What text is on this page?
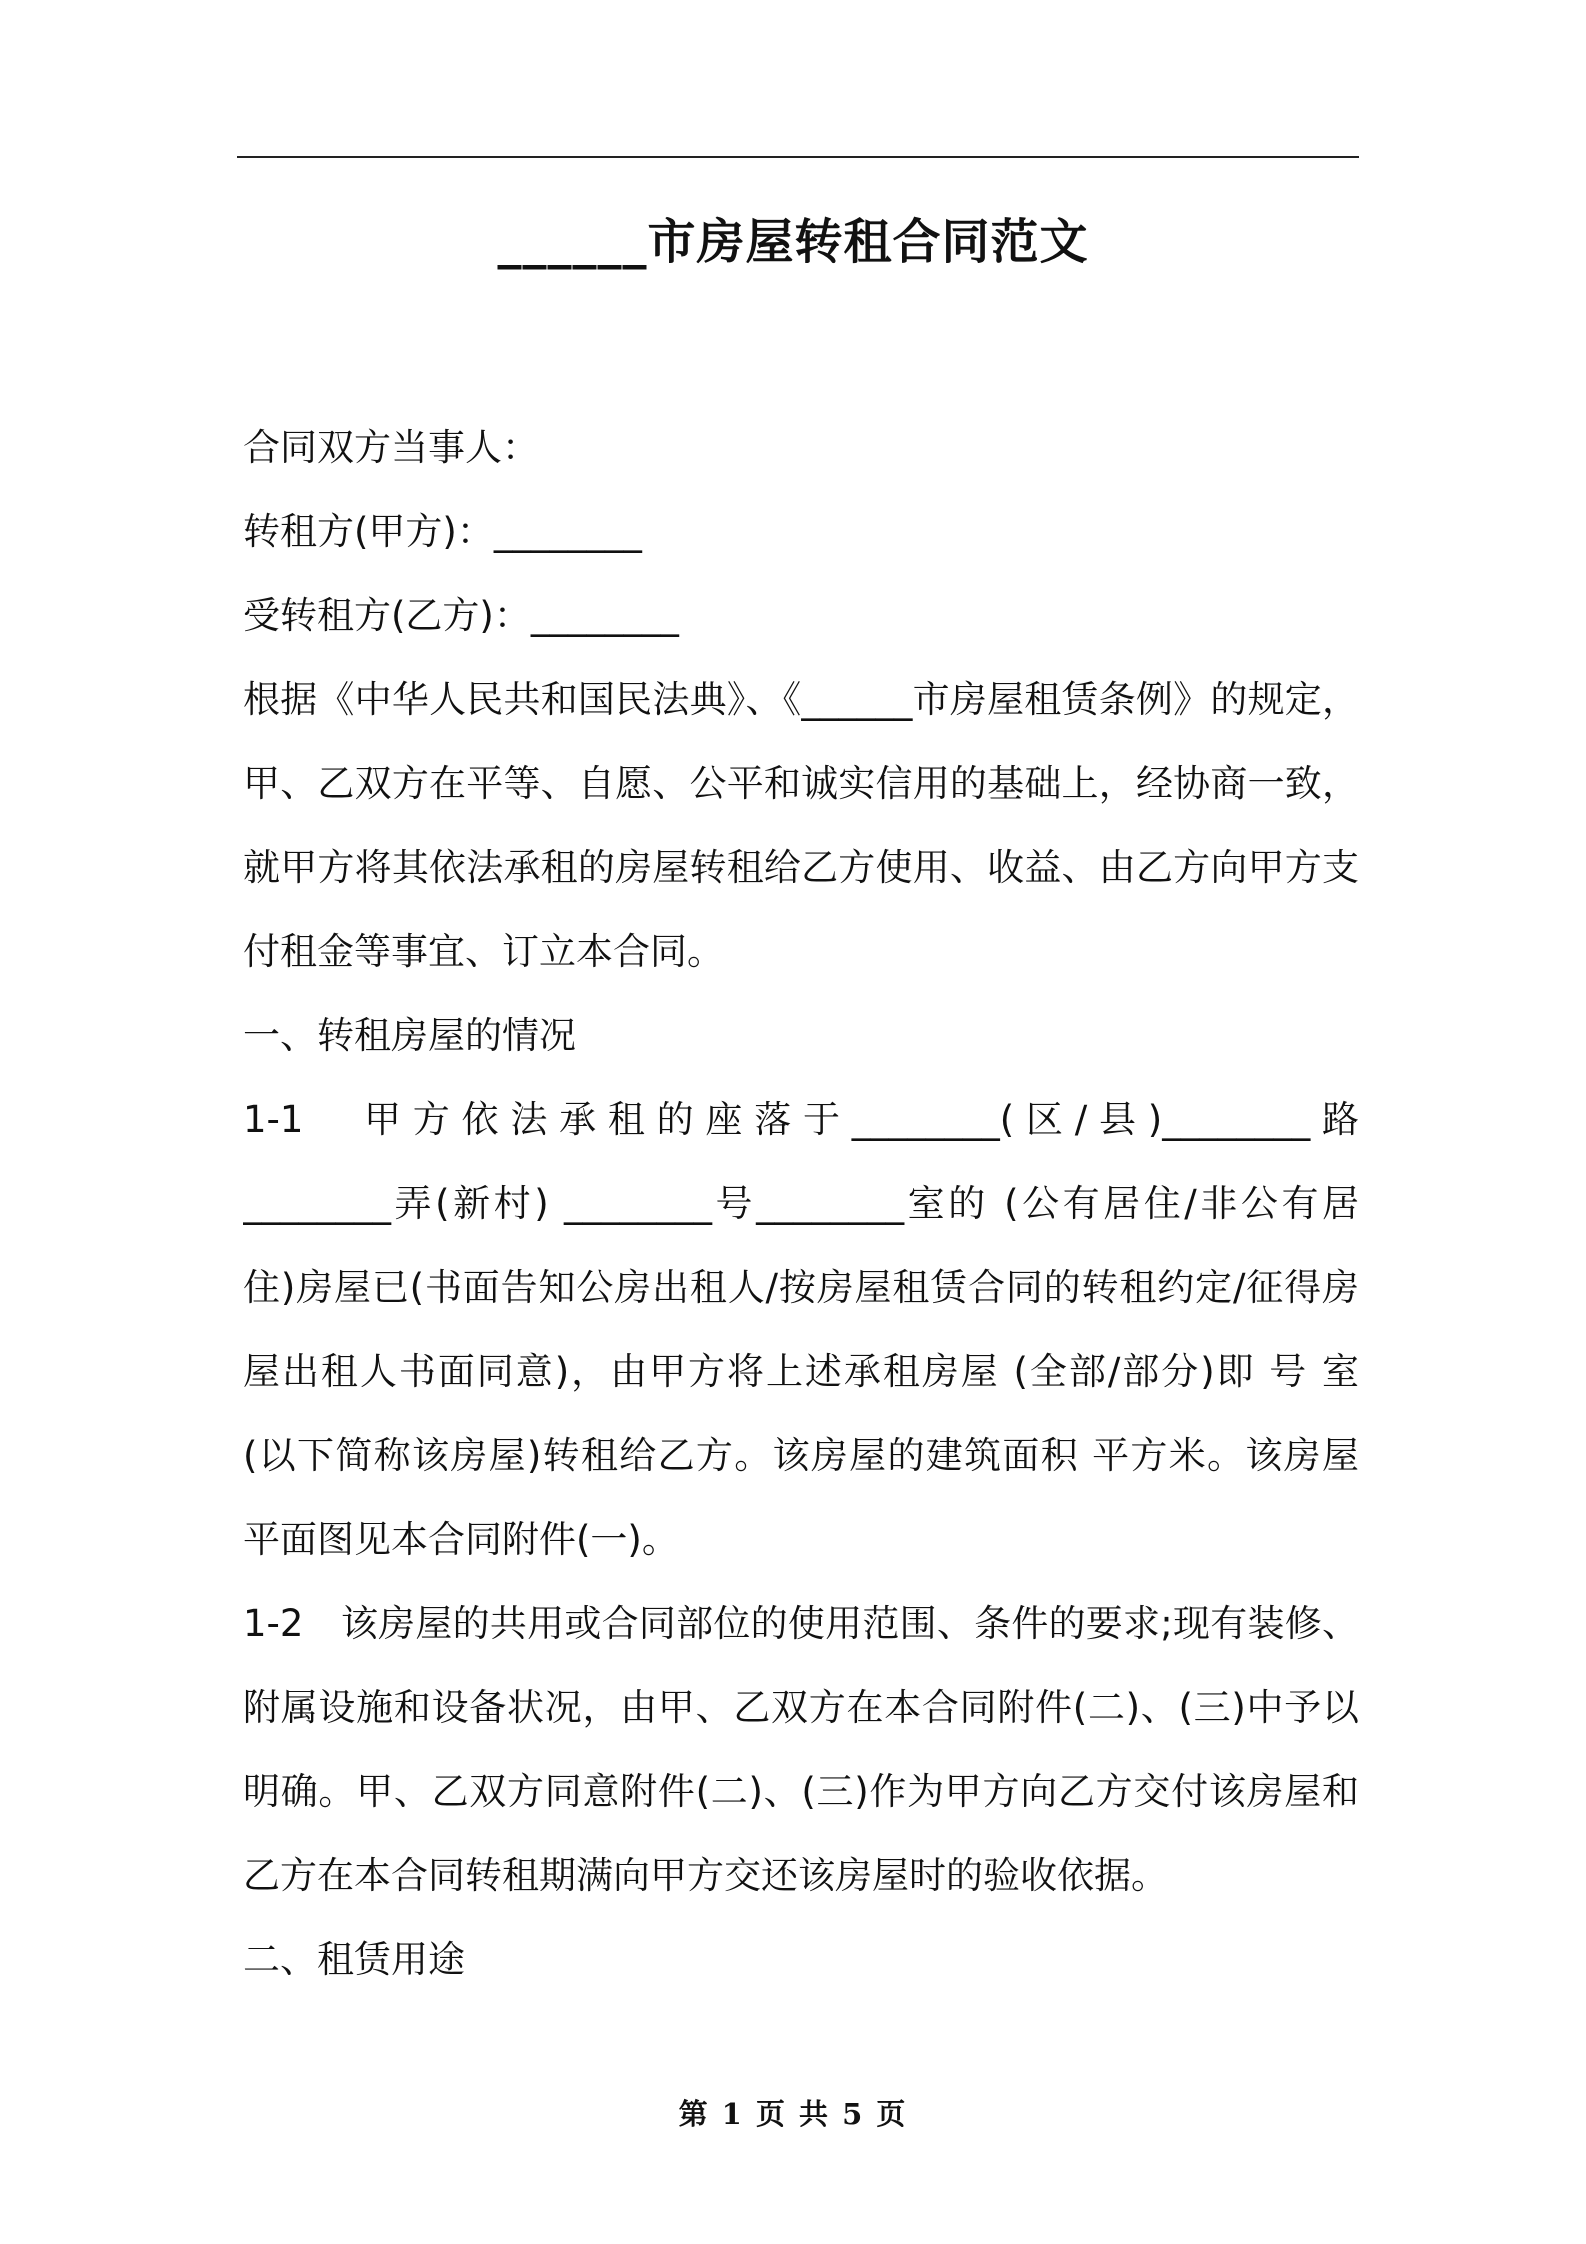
______市房屋转租合同范文
合同双方当事人：
转租方(甲方)：________
受转租方(乙方)：________
根据《中华人民共和国民法典》、《______市房屋租赁条例》的规定，
甲、乙双方在平等、自愿、公平和诚实信用的基础上，经协商一致，
就甲方将其依法承租的房屋转租给乙方使用、收益、由乙方向甲方支
付租金等事宜、订立本合同。
一、转租房屋的情况
1-1　甲方依法承租的座落于________(区/县)________路
________弄(新村) ________号________室的 (公有居住/非公有居
住)房屋已(书面告知公房出租人/按房屋租赁合同的转租约定/征得房
屋出租人书面同意)，由甲方将上述承租房屋 (全部/部分)即 号 室
(以下简称该房屋)转租给乙方。该房屋的建筑面积 平方米。该房屋
平面图见本合同附件(一)。
1-2　该房屋的共用或合同部位的使用范围、条件的要求;现有装修、
附属设施和设备状况，由甲、乙双方在本合同附件(二)、(三)中予以
明确。甲、乙双方同意附件(二)、(三)作为甲方向乙方交付该房屋和
乙方在本合同转租期满向甲方交还该房屋时的验收依据。
二、租赁用途
第 1 页 共 5 页
